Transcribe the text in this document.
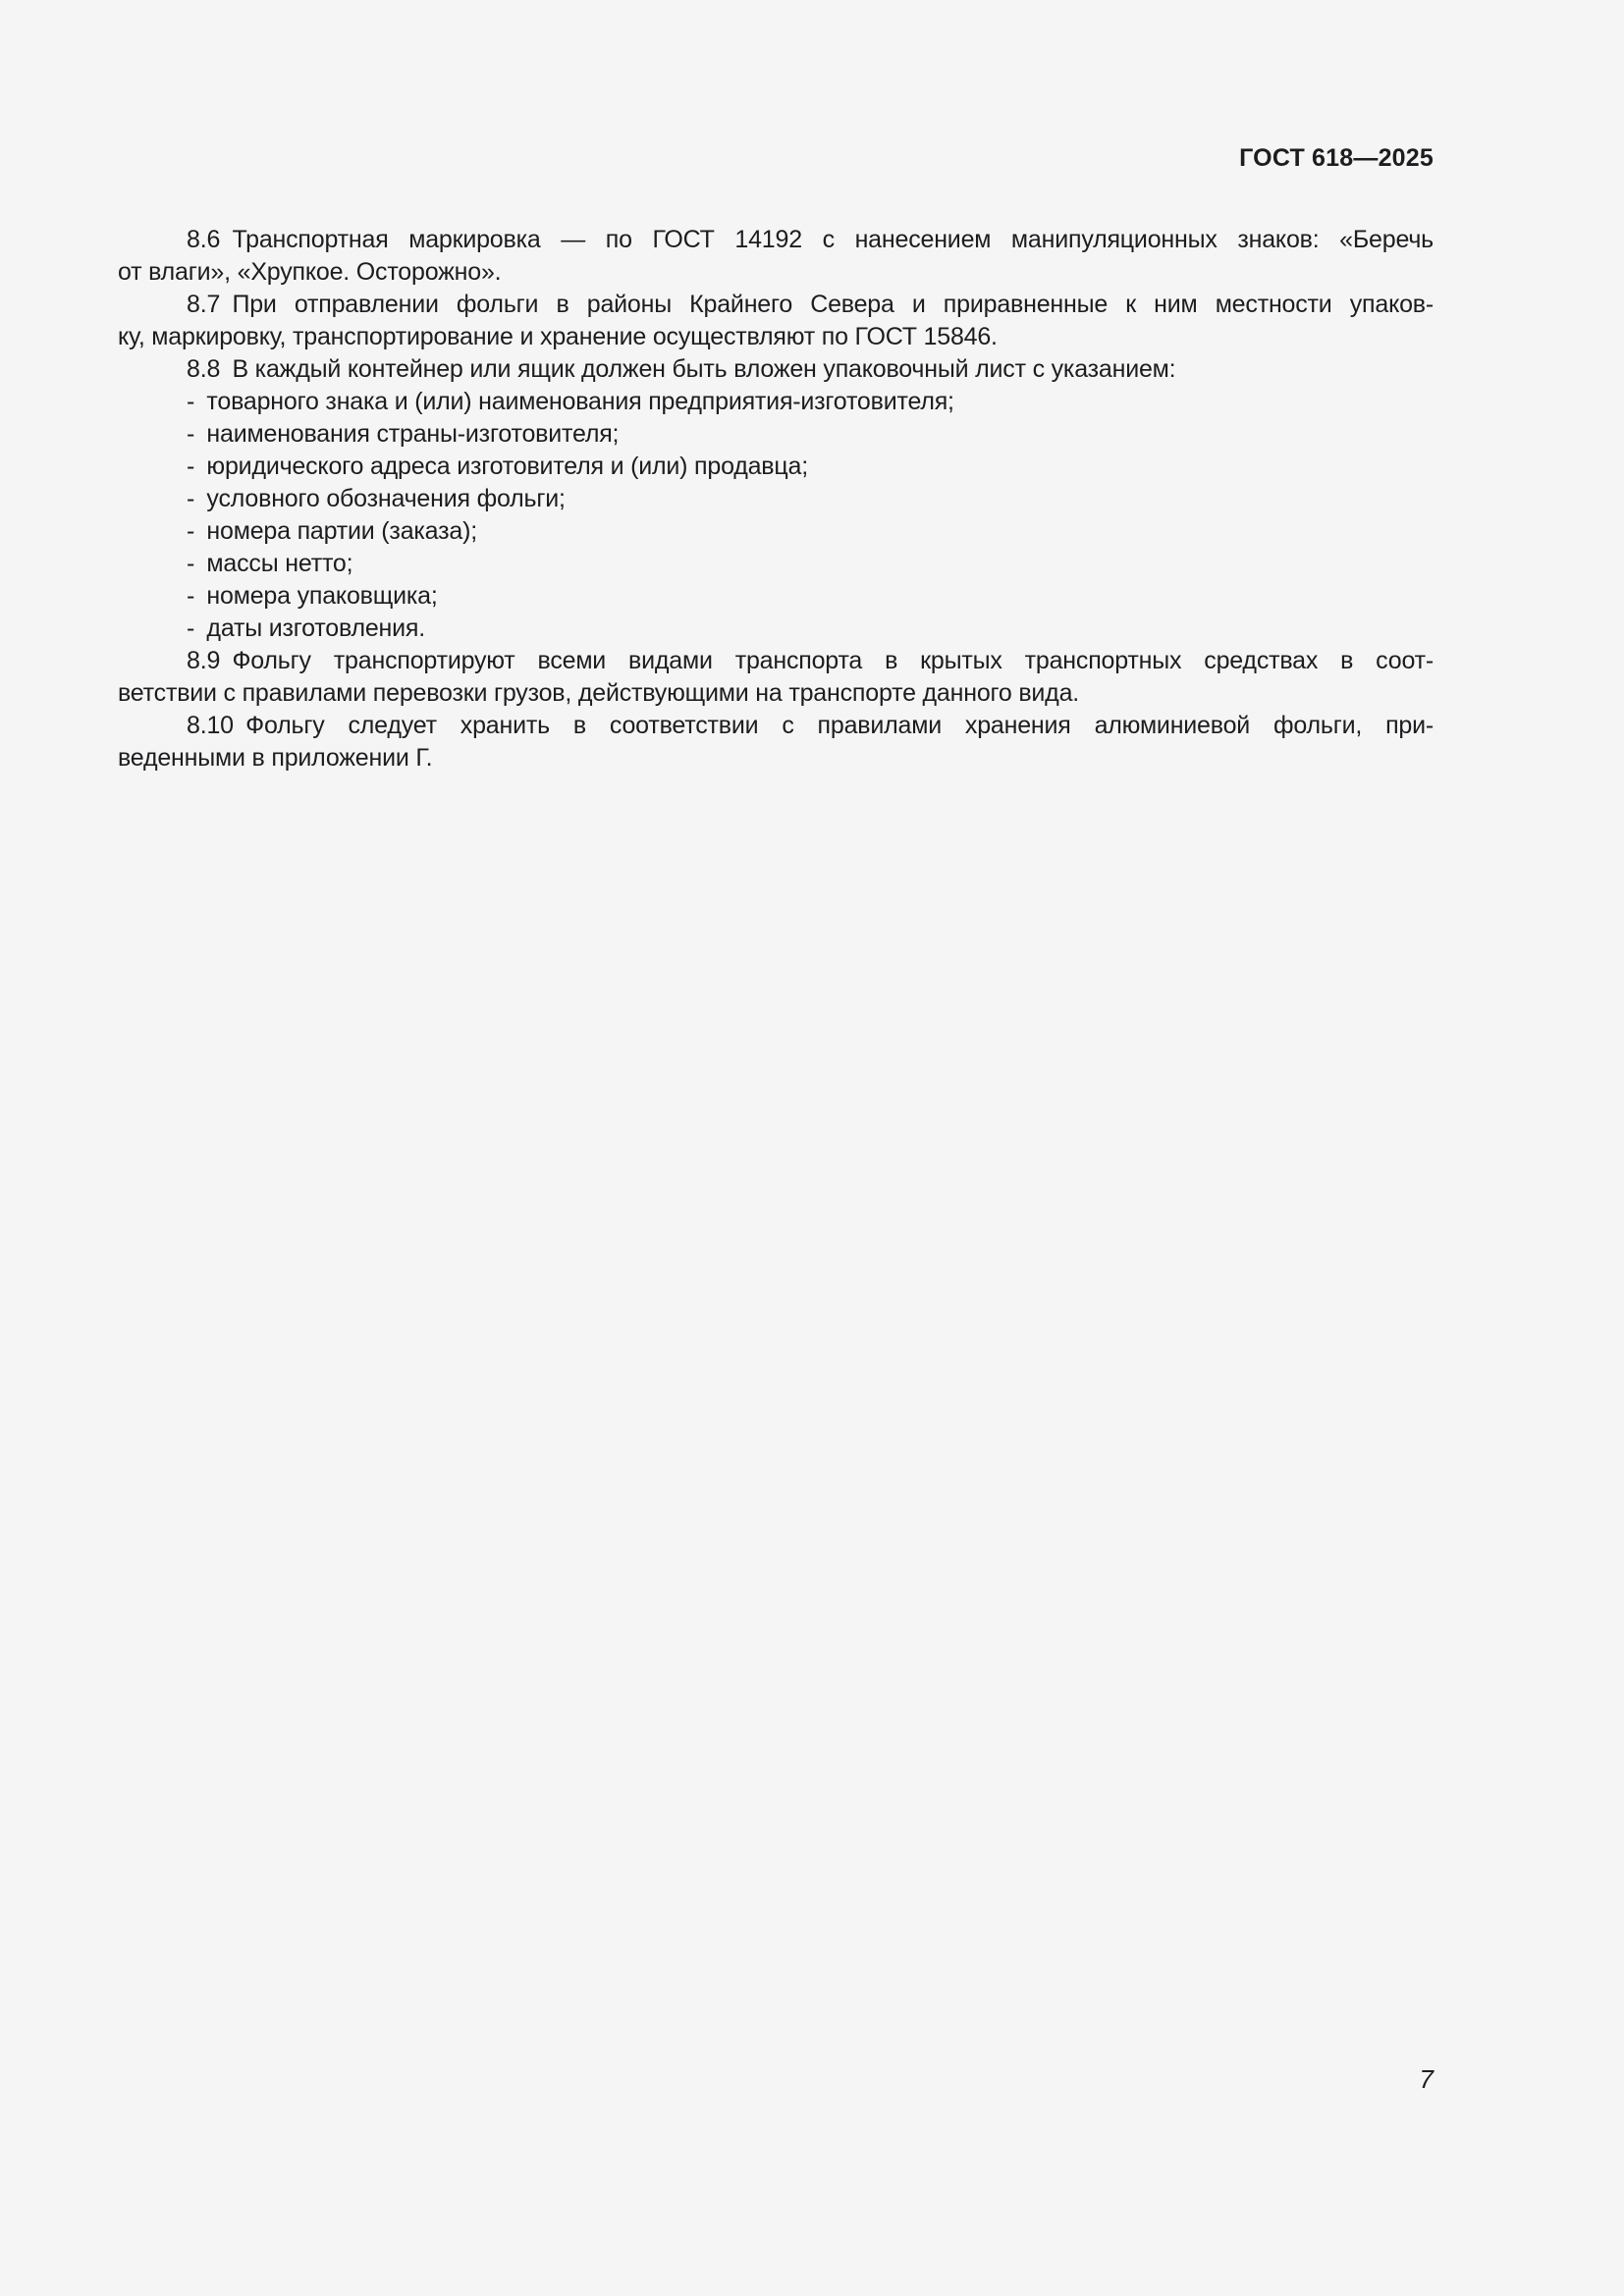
ГОСТ 618—2025
8.6 Транспортная маркировка — по ГОСТ 14192 с нанесением манипуляционных знаков: «Беречь
от влаги», «Хрупкое. Осторожно».
8.7 При отправлении фольги в районы Крайнего Севера и приравненные к ним местности упаков-
ку, маркировку, транспортирование и хранение осуществляют по ГОСТ 15846.
8.8 В каждый контейнер или ящик должен быть вложен упаковочный лист с указанием:
- товарного знака и (или) наименования предприятия-изготовителя;
- наименования страны-изготовителя;
- юридического адреса изготовителя и (или) продавца;
- условного обозначения фольги;
- номера партии (заказа);
- массы нетто;
- номера упаковщика;
- даты изготовления.
8.9 Фольгу транспортируют всеми видами транспорта в крытых транспортных средствах в соот-
ветствии с правилами перевозки грузов, действующими на транспорте данного вида.
8.10 Фольгу следует хранить в соответствии с правилами хранения алюминиевой фольги, при-
веденными в приложении Г.
7
